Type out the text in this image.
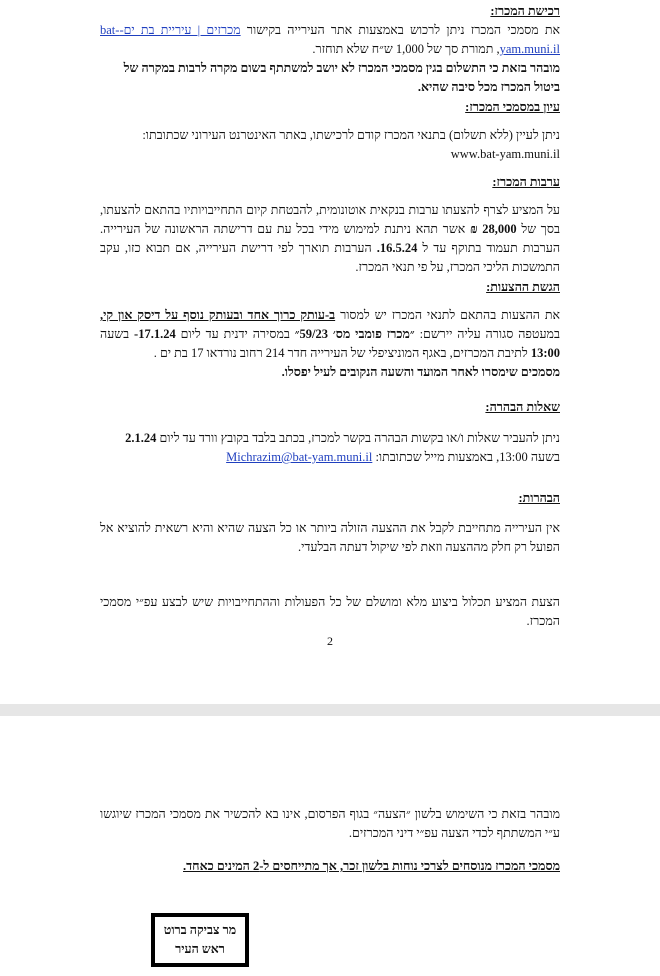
רכישת המכרז:
את מסמכי המכרז ניתן לרכוש באמצעות אתר העירייה בקישור מכרזים | עיריית בת ים-bat- yam.muni.il, תמורת סך של 1,000 ש״ח שלא תוחזר.
מובהר בזאת כי התשלום בגין מסמכי המכרז לא יושב למשתתף בשום מקרה לרבות במקרה של ביטול המכרז מכל סיבה שהיא.
עיון במסמכי המכרז:
ניתן לעיין (ללא תשלום) בתנאי המכרז קודם לרכישתו, באתר האינטרנט העירוני שכתובתו:
www.bat-yam.muni.il
ערבות המכרז:
על המציע לצרף להצעתו ערבות בנקאית אוטונומית, להבטחת קיום התחייבויותיו בהתאם להצעתו, בסך של 28,000 ₪ אשר תהא ניתנת למימוש מידי בכל עת עם דרישתה הראשונה של העירייה. הערבות תעמוד בתוקף עד ל 16.5.24. הערבות תוארך לפי דרישת העירייה, אם תבוא כזו, עקב התמשכות הליכי המכרז, על פי תנאי המכרז.
הגשת ההצעות:
את ההצעות בהתאם לתנאי המכרז יש למסור ב-עותק כרוך אחד ובעותק נוסף על דיסק און קי, במעטפה סגורה עליה יירשם: ״מכרז פומבי מס׳ 59/23״ במסירה ידנית עד ליום 17.1.24- בשעה 13:00 לתיבת המכרזים, באגף המוניציפלי של העירייה חדר 214 רחוב נורדאו 17 בת ים .
מסמכים שימסרו לאחר המועד והשעה הנקובים לעיל יפסלו.
שאלות הבהרה:
ניתן להעביר שאלות ו/או בקשות הבהרה בקשר למכרז, בכתב בלבד בקובץ וורד עד ליום 2.1.24 בשעה 13:00, באמצעות מייל שכתובתו: Michrazim@bat-yam.muni.il
הבהרות:
אין העירייה מתחייבת לקבל את ההצעה הזולה ביותר או כל הצעה שהיא והיא רשאית להוציא אל הפועל רק חלק מההצעה וזאת לפי שיקול דעתה הבלעדי.
הצעת המציע תכלול ביצוע מלא ומושלם של כל הפעולות וההתחייבויות שיש לבצע עפ״י מסמכי המכרז.
2
מובהר בזאת כי השימוש בלשון ״הצעה״ בגוף הפרסום, אינו בא להכשיר את מסמכי המכרז שיוגשו ע״י המשתתף לכדי הצעה עפ״י דיני המכרזים.
מסמכי המכרז מנוסחים לצרכי נוחות בלשון זכר, אך מתייחסים ל-2 המינים כאחד.
מר צביקה ברוט
ראש העיר
